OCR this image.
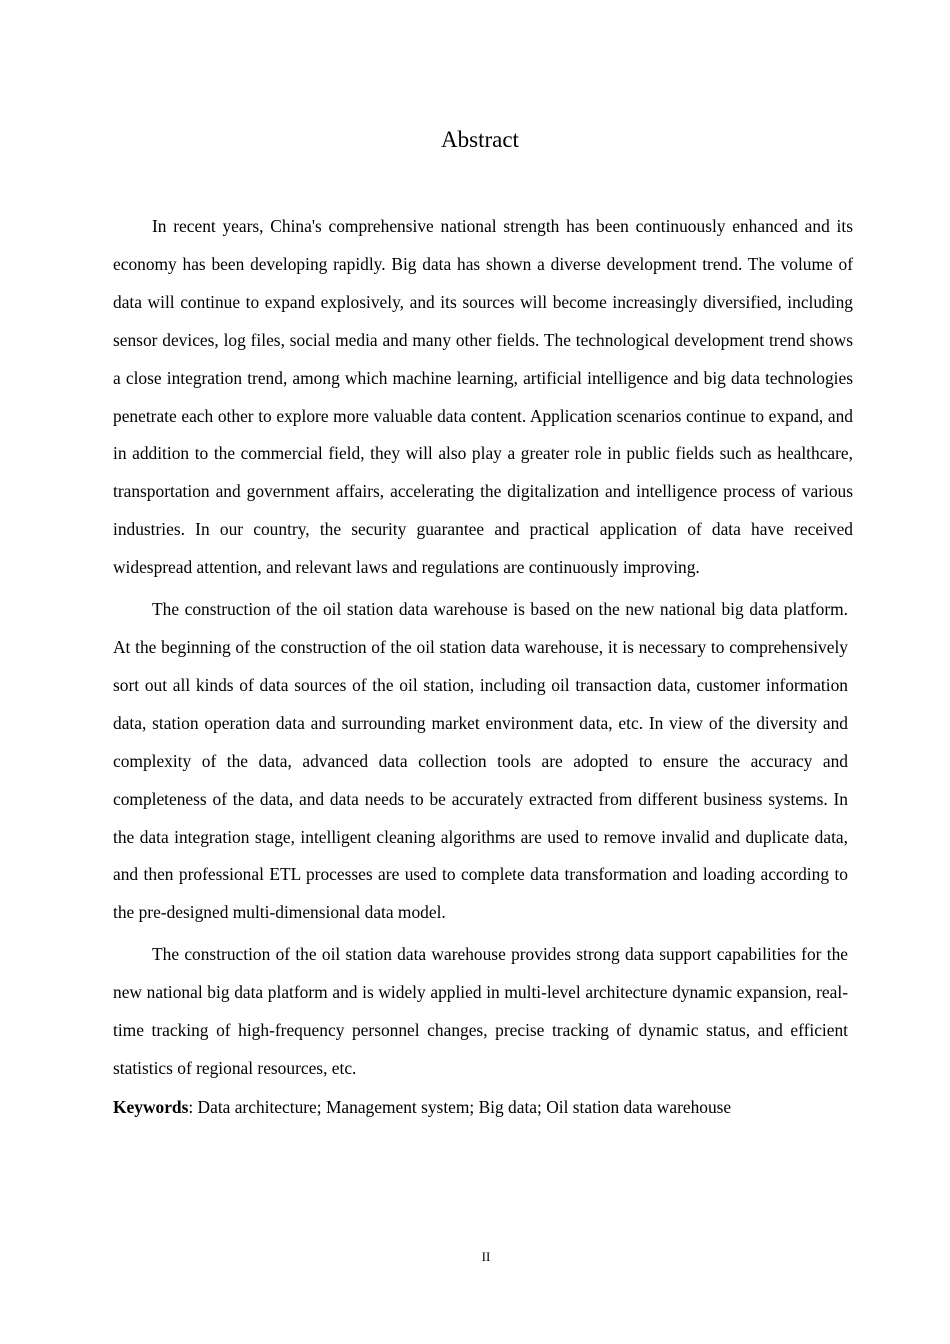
Abstract

In recent years, China's comprehensive national strength has been continuously enhanced and its economy has been developing rapidly. Big data has shown a diverse development trend. The volume of data will continue to expand explosively, and its sources will become increasingly diversified, including sensor devices, log files, social media and many other fields. The technological development trend shows a close integration trend, among which machine learning, artificial intelligence and big data technologies penetrate each other to explore more valuable data content. Application scenarios continue to expand, and in addition to the commercial field, they will also play a greater role in public fields such as healthcare, transportation and government affairs, accelerating the digitalization and intelligence process of various industries. In our country, the security guarantee and practical application of data have received widespread attention, and relevant laws and regulations are continuously improving.

The construction of the oil station data warehouse is based on the new national big data platform. At the beginning of the construction of the oil station data warehouse, it is necessary to comprehensively sort out all kinds of data sources of the oil station, including oil transaction data, customer information data, station operation data and surrounding market environment data, etc. In view of the diversity and complexity of the data, advanced data collection tools are adopted to ensure the accuracy and completeness of the data, and data needs to be accurately extracted from different business systems. In the data integration stage, intelligent cleaning algorithms are used to remove invalid and duplicate data, and then professional ETL processes are used to complete data transformation and loading according to the pre-designed multi-dimensional data model.

The construction of the oil station data warehouse provides strong data support capabilities for the new national big data platform and is widely applied in multi-level architecture dynamic expansion, real-time tracking of high-frequency personnel changes, precise tracking of dynamic status, and efficient statistics of regional resources, etc.

Keywords: Data architecture; Management system; Big data; Oil station data warehouse

II
